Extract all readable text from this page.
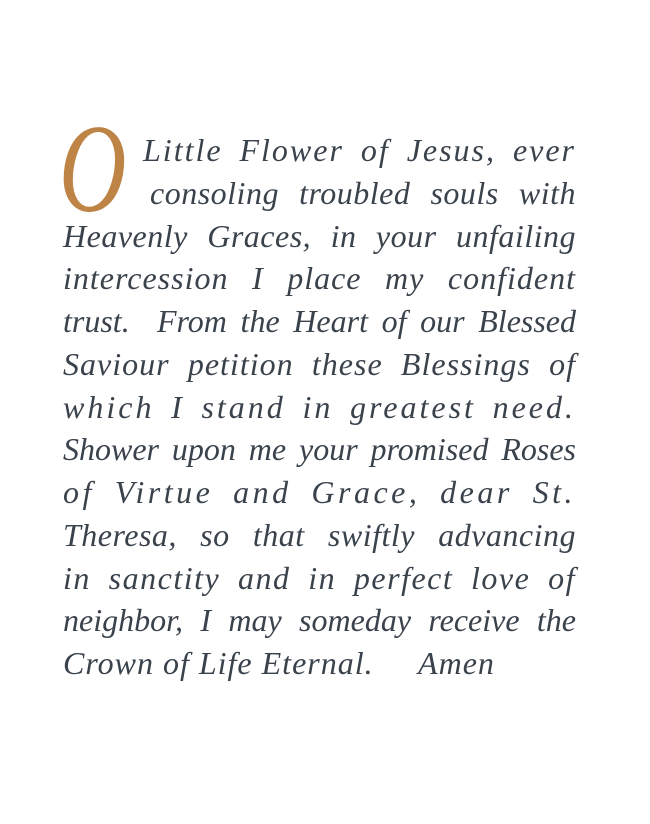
O Little Flower of Jesus, ever
consoling troubled souls with
Heavenly Graces, in your unfailing
intercession I place my confident
trust.  From the Heart of our Blessed
Saviour petition these Blessings of
which I stand in greatest need.
Shower upon me your promised Roses
of Virtue and Grace, dear St.
Theresa, so that swiftly advancing
in sanctity and in perfect love of
neighbor, I may someday receive the
Crown of Life Eternal.     Amen
